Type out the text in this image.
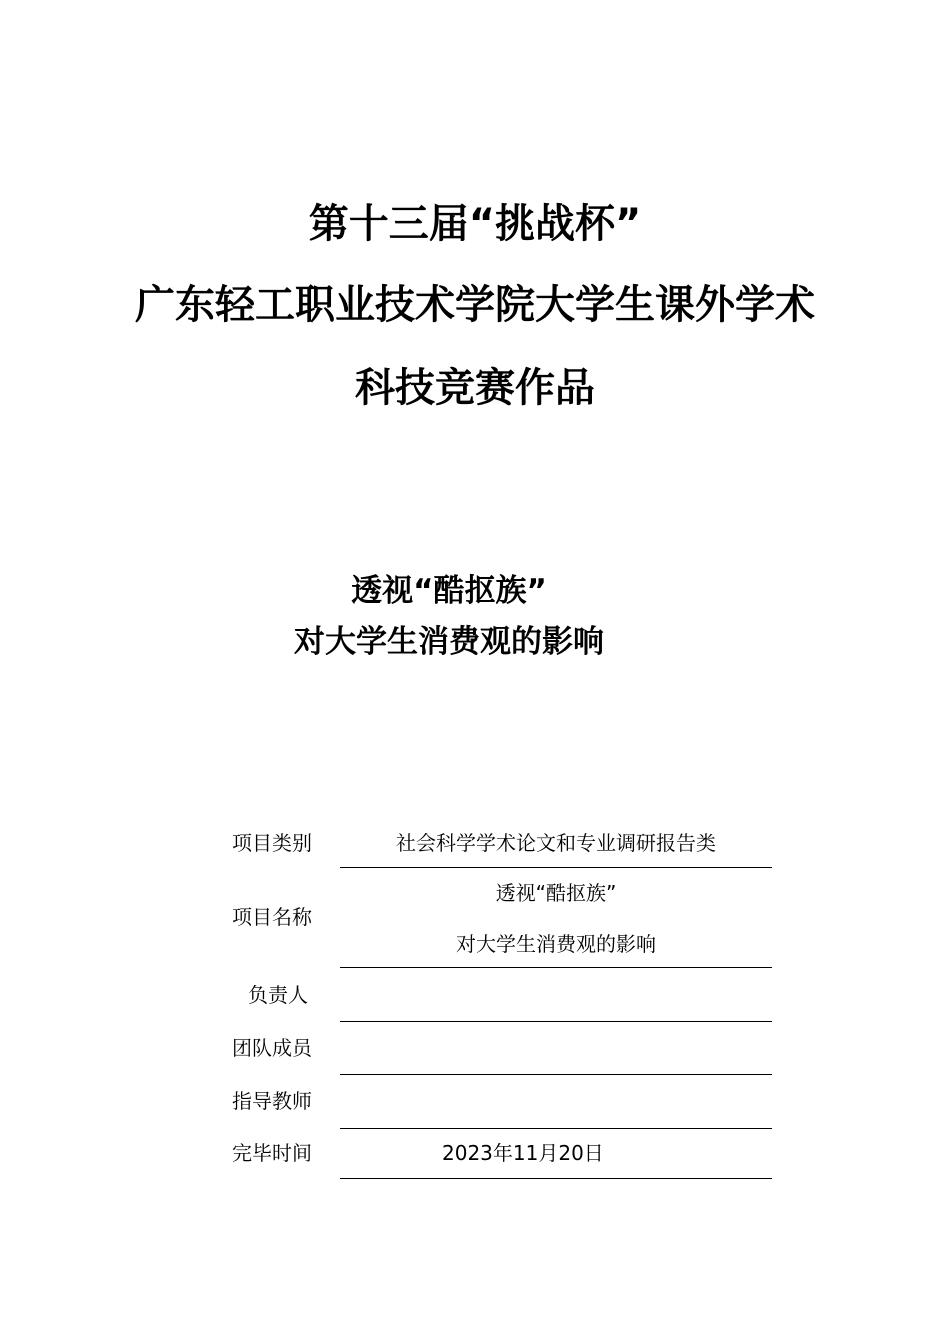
第十三届“挑战杯”
广东轻工职业技术学院大学生课外学术
科技竞赛作品
透视“酷抠族”
对大学生消费观的影响
项目类别	社会科学学术论文和专业调研报告类
项目名称
透视“酷抠族”
对大学生消费观的影响
负责人
团队成员
指导教师
完毕时间	2023年11月20日
